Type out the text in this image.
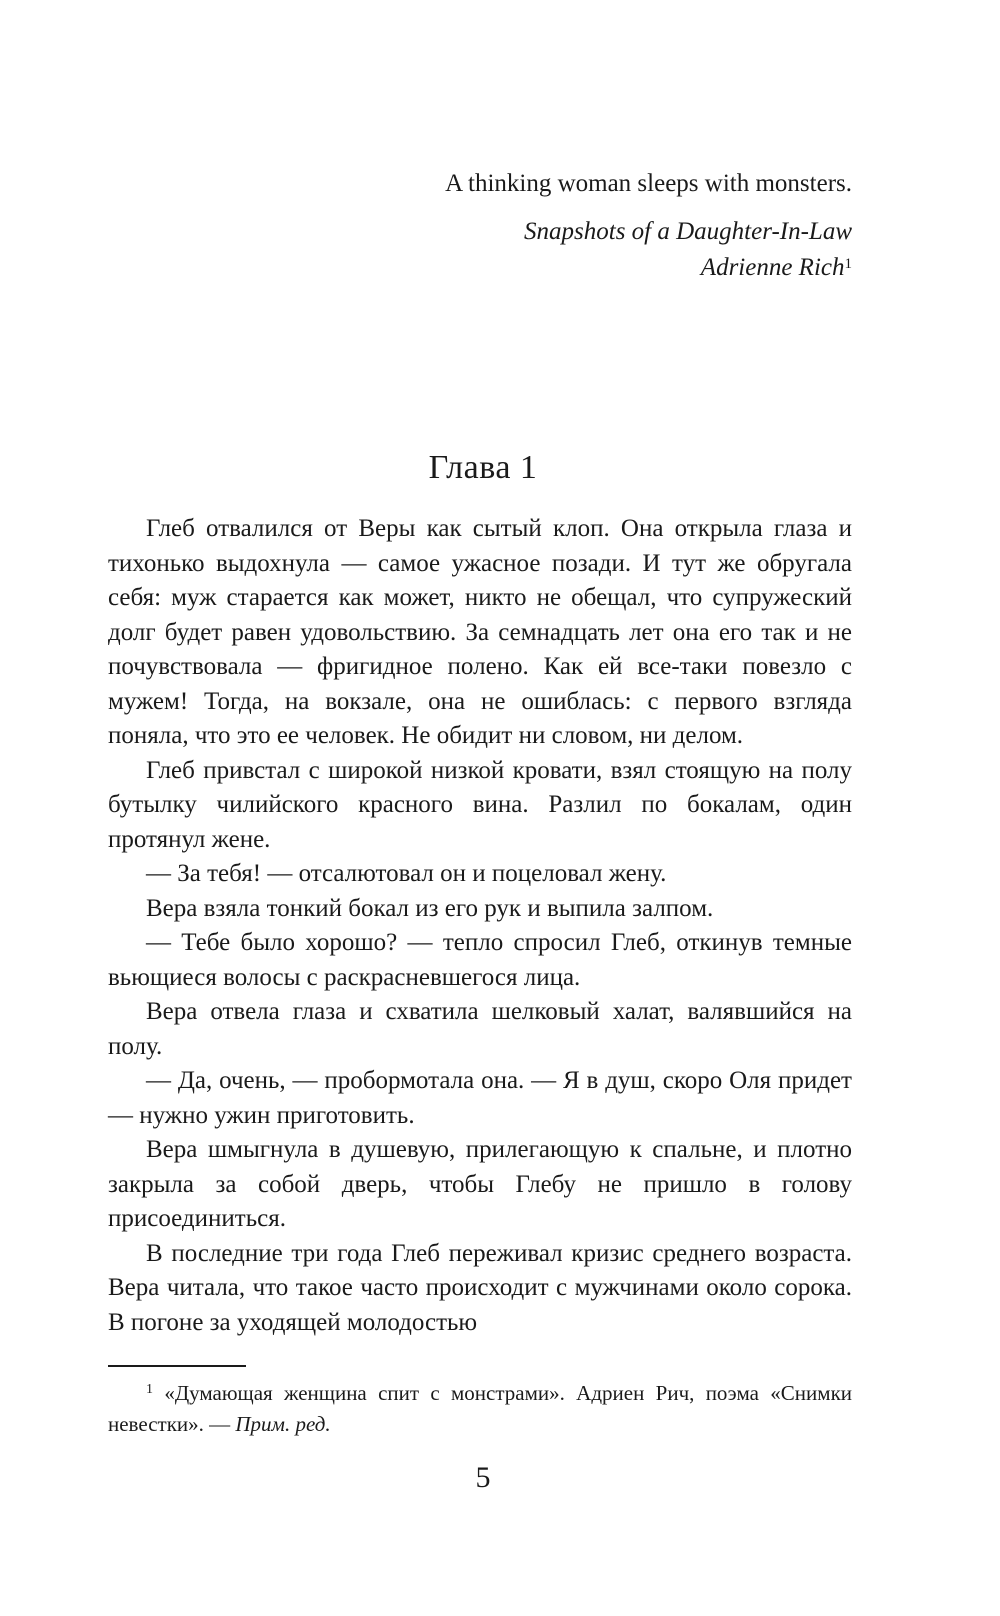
A thinking woman sleeps with monsters.
Snapshots of a Daughter-In-Law
Adrienne Rich$^1$
Глава 1

Глеб отвалился от Веры как сытый клоп. Она открыла глаза и тихонько выдохнула — самое ужасное позади. И тут же обругала себя: муж старается как может, никто не обещал, что супружеский долг будет равен удовольствию. За семнадцать лет она его так и не почувствовала — фригидное полено. Как ей все-таки повезло с мужем! Тогда, на вокзале, она не ошиблась: с первого взгляда поняла, что это ее человек. Не обидит ни словом, ни делом.

Глеб привстал с широкой низкой кровати, взял стоящую на полу бутылку чилийского красного вина. Разлил по бокалам, один протянул жене.

— За тебя! — отсалютовал он и поцеловал жену.

Вера взяла тонкий бокал из его рук и выпила залпом.

— Тебе было хорошо? — тепло спросил Глеб, откинув темные вьющиеся волосы с раскрасневшегося лица.

Вера отвела глаза и схватила шелковый халат, валявшийся на полу.

— Да, очень, — пробормотала она. — Я в душ, скоро Оля придет — нужно ужин приготовить.

Вера шмыгнула в душевую, прилегающую к спальне, и плотно закрыла за собой дверь, чтобы Глебу не пришло в голову присоединиться.

В последние три года Глеб переживал кризис среднего возраста. Вера читала, что такое часто происходит с мужчинами около сорока. В погоне за уходящей молодостью

$^1$ «Думающая женщина спит с монстрами». Адриен Рич, поэма «Снимки невестки». — Прим. ред.
5
